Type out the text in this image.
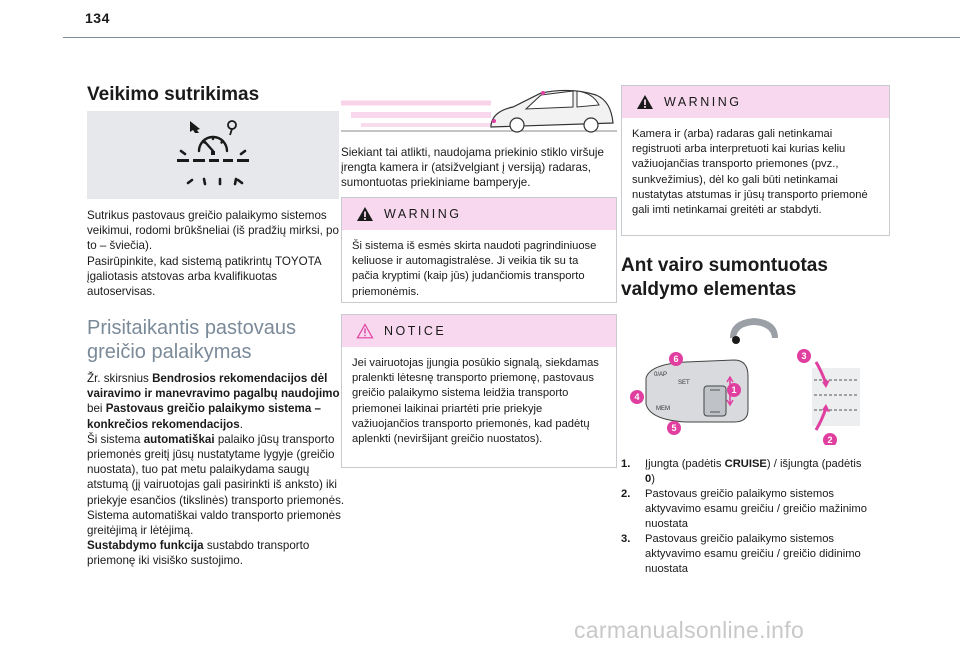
134
Veikimo sutrikimas
Sutrikus pastovaus greičio palaikymo sistemos veikimui, rodomi brūkšneliai (iš pradžių mirksi, po to – šviečia).
Pasirūpinkite, kad sistemą patikrintų TOYOTA įgaliotasis atstovas arba kvalifikuotas autoservisas.
Prisitaikantis pastovaus greičio palaikymas
Žr. skirsnius Bendrosios rekomendacijos dėl vairavimo ir manevravimo pagalbų naudojimo bei Pastovaus greičio palaikymo sistema – konkrečios rekomendacijos.
Ši sistema automatiškai palaiko jūsų transporto priemonės greitį jūsų nustatytame lygyje (greičio nuostata), tuo pat metu palaikydama saugų atstumą (jį vairuotojas gali pasirinkti iš anksto) iki priekyje esančios (tikslinės) transporto priemonės. Sistema automatiškai valdo transporto priemonės greitėjimą ir lėtėjimą.
Sustabdymo funkcija sustabdo transporto priemonę iki visiško sustojimo.
Siekiant tai atlikti, naudojama priekinio stiklo viršuje įrengta kamera ir (atsižvelgiant į versiją) radaras, sumontuotas priekiniame bamperyje.
WARNING
Ši sistema iš esmės skirta naudoti pagrindiniuose keliuose ir automagistralėse. Ji veikia tik su ta pačia kryptimi (kaip jūs) judančiomis transporto priemonėmis.
NOTICE
Jei vairuotojas įjungia posūkio signalą, siekdamas pralenkti lėtesnę transporto priemonę, pastovaus greičio palaikymo sistema leidžia transporto priemonei laikinai priartėti prie priekyje važiuojančios transporto priemonės, kad padėtų aplenkti (neviršijant greičio nuostatos).
WARNING
Kamera ir (arba) radaras gali netinkamai registruoti arba interpretuoti kai kurias keliu važiuojančias transporto priemones (pvz., sunkvežimius), dėl ko gali būti netinkamai nustatytas atstumas ir jūsų transporto priemonė gali imti netinkamai greitėti ar stabdyti.
Ant vairo sumontuotas valdymo elementas
SET
0/AP
MEM
1
2
3
4
5
6
1. Įjungta (padėtis CRUISE) / išjungta (padėtis 0)
2. Pastovaus greičio palaikymo sistemos aktyvavimo esamu greičiu / greičio mažinimo nuostata
3. Pastovaus greičio palaikymo sistemos aktyvavimo esamu greičiu / greičio didinimo nuostata
carmanualsonline.info
